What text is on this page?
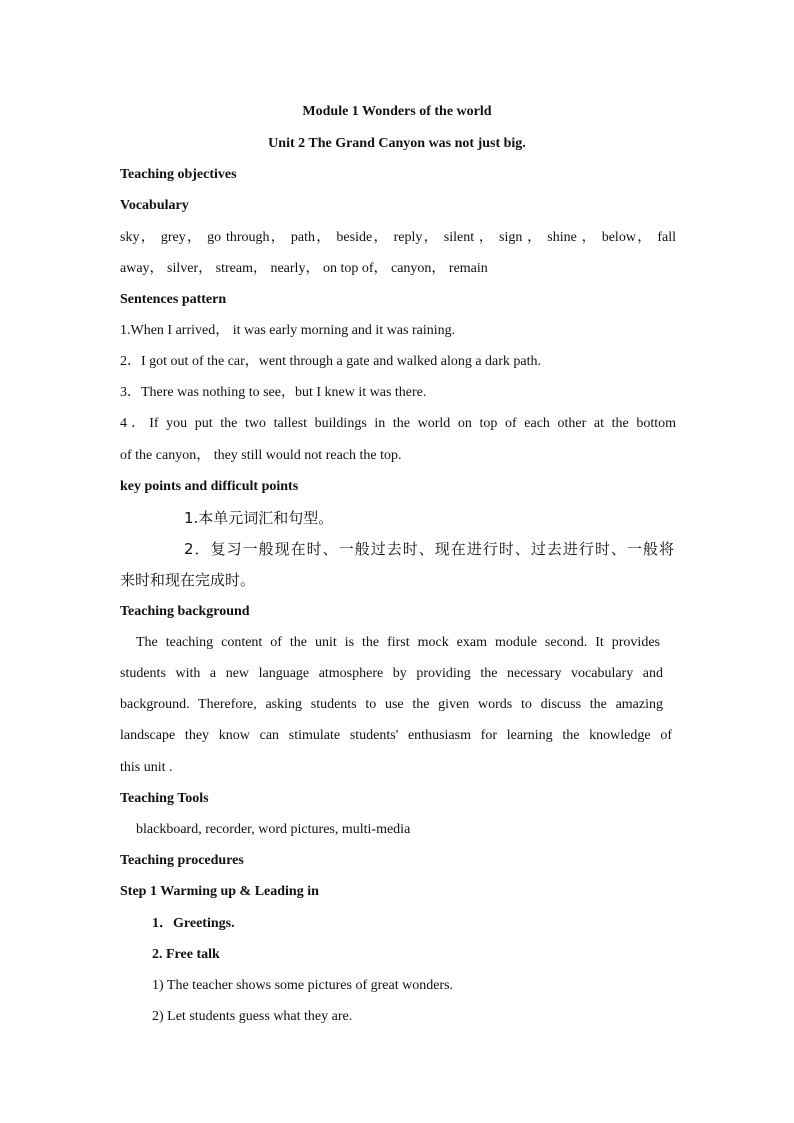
Module 1 Wonders of the world
Unit 2 The Grand Canyon was not just big.
Teaching objectives
Vocabulary
sky， grey， go through， path， beside， reply， silent ， sign ， shine ， below， fall
away， silver， stream， nearly， on top of， canyon， remain
Sentences pattern
1.When I arrived， it was early morning and it was raining.
2．I got out of the car，went through a gate and walked along a dark path.
3．There was nothing to see，but I knew it was there.
4．If you put the two tallest buildings in the world on top of each other at the bottom
of the canyon， they still would not reach the top.
key points and difficult points
1.本单元词汇和句型。
2．复习一般现在时、一般过去时、现在进行时、过去进行时、一般将
来时和现在完成时。
Teaching background
The teaching content of the unit is the first mock exam module second. It provides
students with a new language atmosphere by providing the necessary vocabulary and
background. Therefore, asking students to use the given words to discuss the amazing
landscape they know can stimulate students' enthusiasm for learning the knowledge of
this unit .
Teaching Tools
blackboard, recorder, word pictures, multi-media
Teaching procedures
Step 1 Warming up & Leading in
1．Greetings.
2. Free talk
1) The teacher shows some pictures of great wonders.
2) Let students guess what they are.
